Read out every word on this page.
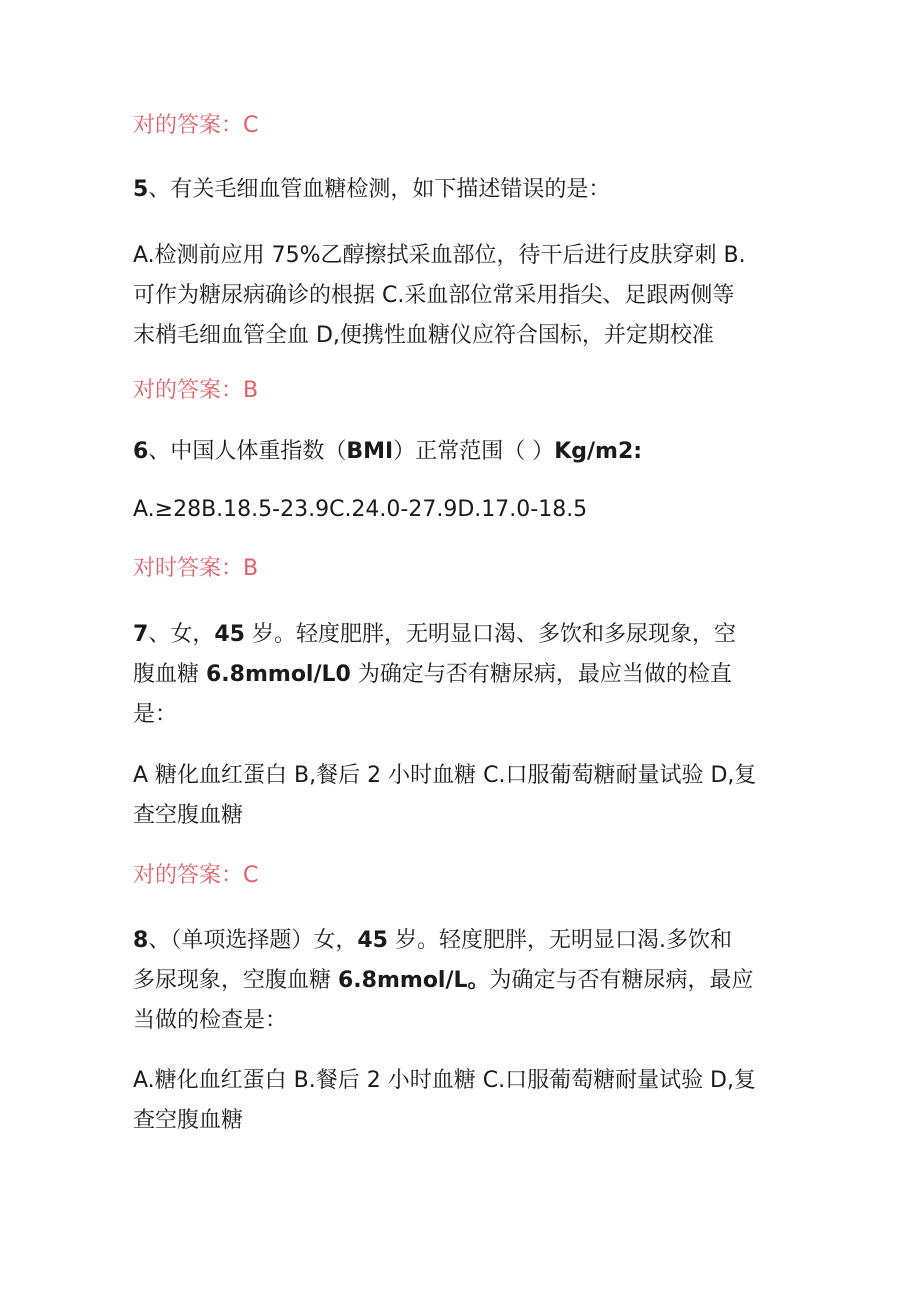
对的答案：C

5、有关毛细血管血糖检测，如下描述错误的是：

A.检测前应用 75%乙醇擦拭采血部位，待干后进行皮肤穿刺 B.
可作为糖尿病确诊的根据 C.采血部位常采用指尖、足跟两侧等
末梢毛细血管全血 D,便携性血糖仪应符合国标，并定期校准

对的答案：B

6、中国人体重指数（BMI）正常范围（ ）Kg/m2:

A.≥28B.18.5-23.9C.24.0-27.9D.17.0-18.5

对时答案：B

7、女，45 岁。轻度肥胖，无明显口渴、多饮和多尿现象，空
腹血糖 6.8mmol/L0 为确定与否有糖尿病，最应当做的检直
是：

A 糖化血红蛋白 B,餐后 2 小时血糖 C.口服葡萄糖耐量试验 D,复
查空腹血糖

对的答案：C

8、（单项选择题）女，45 岁。轻度肥胖，无明显口渴.多饮和
多尿现象，空腹血糖 6.8mmol/L。为确定与否有糖尿病，最应
当做的检查是：

A.糖化血红蛋白 B.餐后 2 小时血糖 C.口服葡萄糖耐量试验 D,复
查空腹血糖
